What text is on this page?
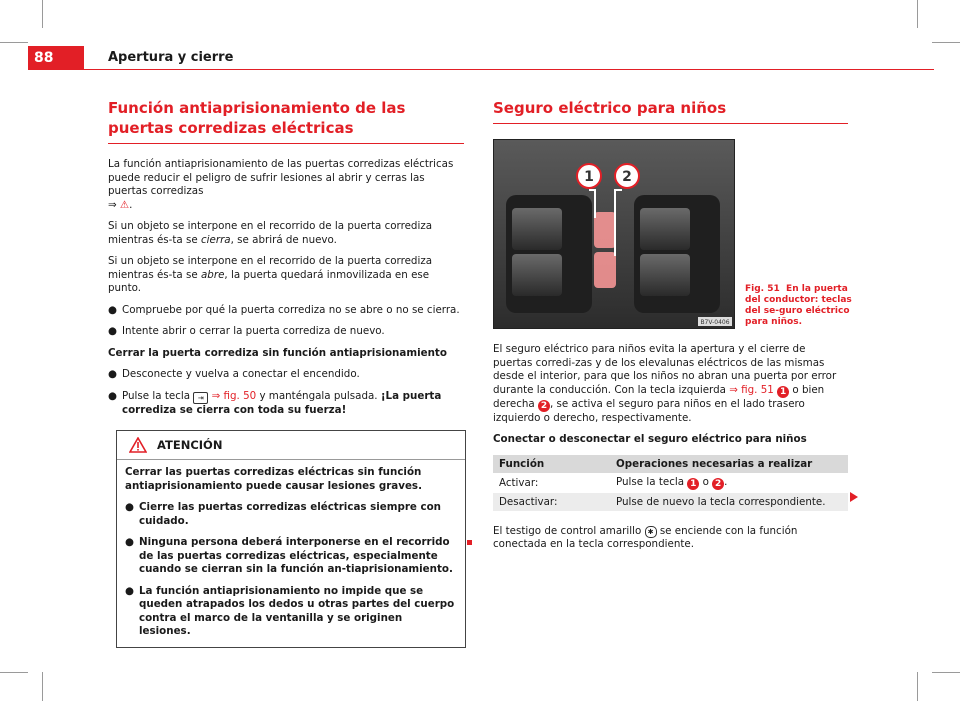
88	Apertura y cierre
Función antiaprisionamiento de las puertas corredizas eléctricas

La función antiaprisionamiento de las puertas corredizas eléctricas puede reducir el peligro de sufrir lesiones al abrir y cerras las puertas corredizas
⇒ ⚠.

Si un objeto se interpone en el recorrido de la puerta corrediza mientras és-ta se cierra, se abrirá de nuevo.

Si un objeto se interpone en el recorrido de la puerta corrediza mientras és-ta se abre, la puerta quedará inmovilizada en ese punto.

● Compruebe por qué la puerta corrediza no se abre o no se cierra.
● Intente abrir o cerrar la puerta corrediza de nuevo.

Cerrar la puerta corrediza sin función antiaprisionamiento

● Desconecte y vuelva a conectar el encendido.
● Pulse la tecla ⇥ ⇒ fig. 50 y manténgala pulsada. ¡La puerta corrediza se cierra con toda su fuerza!
ATENCIÓN

Cerrar las puertas corredizas eléctricas sin función antiaprisionamiento puede causar lesiones graves.

● Cierre las puertas corredizas eléctricas siempre con cuidado.
● Ninguna persona deberá interponerse en el recorrido de las puertas corredizas eléctricas, especialmente cuando se cierran sin la función an-tiaprisionamiento.
● La función antiaprisionamiento no impide que se queden atrapados los dedos u otras partes del cuerpo contra el marco de la ventanilla y se originen lesiones.
Seguro eléctrico para niños
1 2
B7V-0406

El seguro eléctrico para niños evita la apertura y el cierre de puertas corredi-zas y de los elevalunas eléctricos de las mismas desde el interior, para que los niños no abran una puerta por error durante la conducción. Con la tecla izquierda ⇒ fig. 51 1 o bien derecha 2 , se activa el seguro para niños en el lado trasero izquierdo o derecho, respectivamente.

Conectar o desconectar el seguro eléctrico para niños

Función	Operaciones necesarias a realizar
Activar:	Pulse la tecla 1 o 2 .
Desactivar:	Pulse de nuevo la tecla correspondiente.

El testigo de control amarillo ✱ se enciende con la función conectada en la tecla correspondiente.

Fig. 51 En la puerta del conductor: teclas del se-guro eléctrico para niños.
